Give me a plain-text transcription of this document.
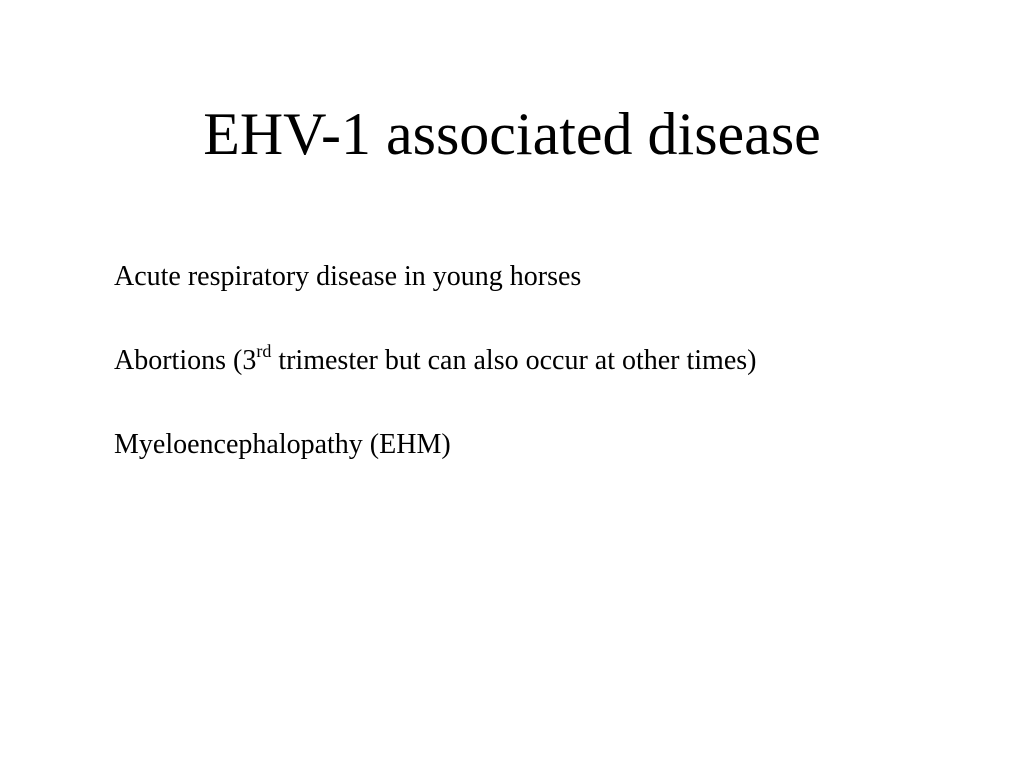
EHV-1 associated disease

Acute respiratory disease in young horses

Abortions (3rd trimester but can also occur at other times)

Myeloencephalopathy (EHM)
